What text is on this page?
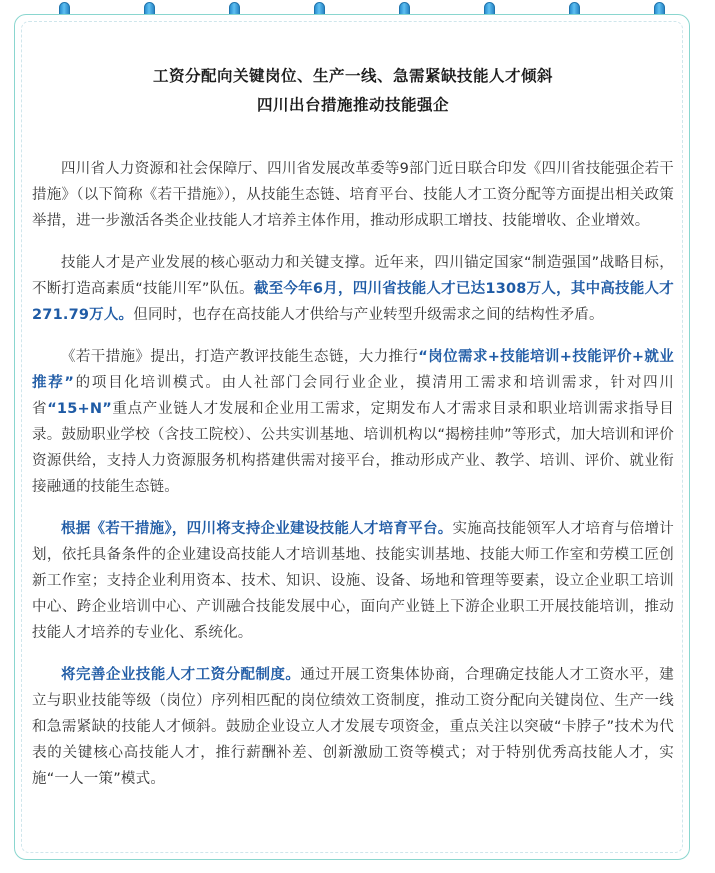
工资分配向关键岗位、生产一线、急需紧缺技能人才倾斜
四川出台措施推动技能强企

四川省人力资源和社会保障厅、四川省发展改革委等9部门近日联合印发《四川省技能强企若干措施》（以下简称《若干措施》），从技能生态链、培育平台、技能人才工资分配等方面提出相关政策举措，进一步激活各类企业技能人才培养主体作用，推动形成职工增技、技能增收、企业增效。

技能人才是产业发展的核心驱动力和关键支撑。近年来，四川锚定国家“制造强国”战略目标，不断打造高素质“技能川军”队伍。截至今年6月，四川省技能人才已达1308万人，其中高技能人才271.79万人。但同时，也存在高技能人才供给与产业转型升级需求之间的结构性矛盾。

《若干措施》提出，打造产教评技能生态链，大力推行“岗位需求+技能培训+技能评价+就业推荐”的项目化培训模式。由人社部门会同行业企业，摸清用工需求和培训需求，针对四川省“15+N”重点产业链人才发展和企业用工需求，定期发布人才需求目录和职业培训需求指导目录。鼓励职业学校（含技工院校）、公共实训基地、培训机构以“揭榜挂帅”等形式，加大培训和评价资源供给，支持人力资源服务机构搭建供需对接平台，推动形成产业、教学、培训、评价、就业衔接融通的技能生态链。

根据《若干措施》，四川将支持企业建设技能人才培育平台。实施高技能领军人才培育与倍增计划，依托具备条件的企业建设高技能人才培训基地、技能实训基地、技能大师工作室和劳模工匠创新工作室；支持企业利用资本、技术、知识、设施、设备、场地和管理等要素，设立企业职工培训中心、跨企业培训中心、产训融合技能发展中心，面向产业链上下游企业职工开展技能培训，推动技能人才培养的专业化、系统化。

将完善企业技能人才工资分配制度。通过开展工资集体协商，合理确定技能人才工资水平，建立与职业技能等级（岗位）序列相匹配的岗位绩效工资制度，推动工资分配向关键岗位、生产一线和急需紧缺的技能人才倾斜。鼓励企业设立人才发展专项资金，重点关注以突破“卡脖子”技术为代表的关键核心高技能人才，推行薪酬补差、创新激励工资等模式；对于特别优秀高技能人才，实施“一人一策”模式。
